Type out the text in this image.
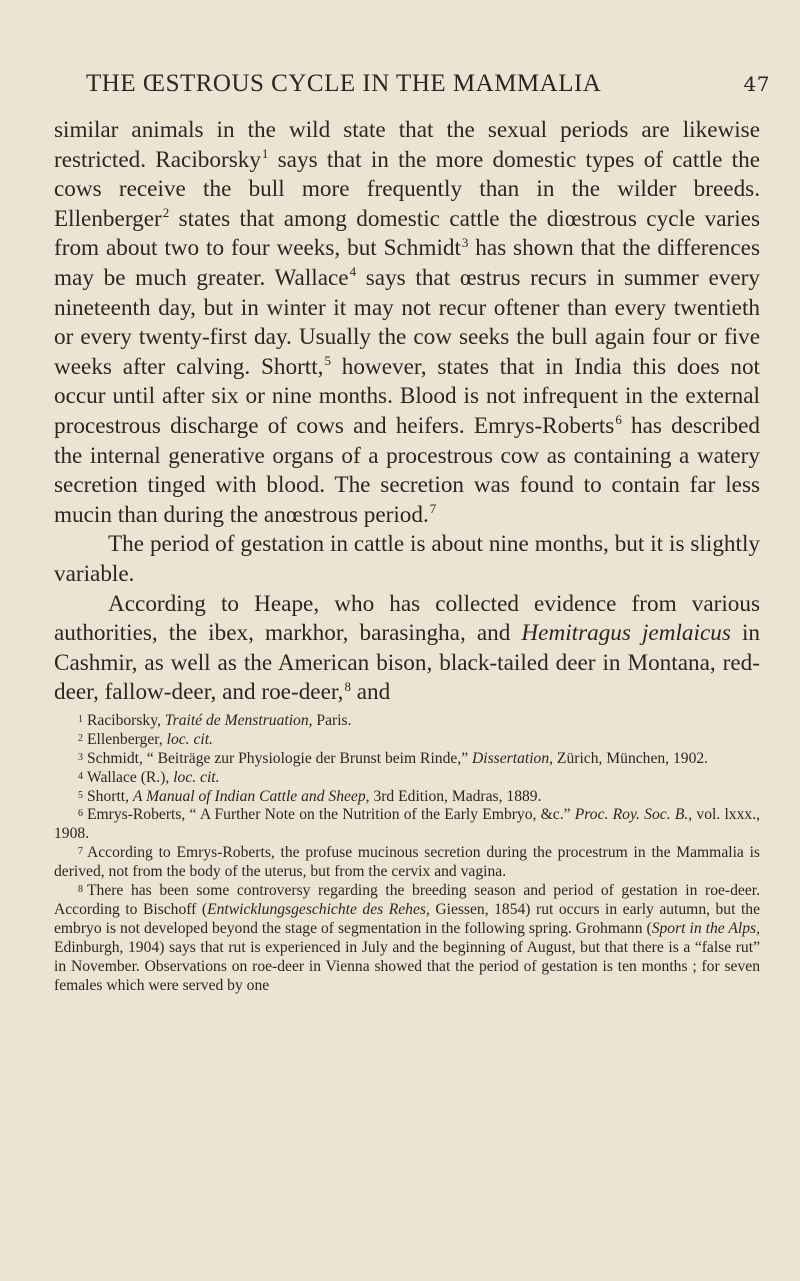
THE ŒSTROUS CYCLE IN THE MAMMALIA	47

similar animals in the wild state that the sexual periods are likewise restricted. Raciborsky$^1$ says that in the more domestic types of cattle the cows receive the bull more frequently than in the wilder breeds. Ellenberger$^2$ states that among domestic cattle the diœstrous cycle varies from about two to four weeks, but Schmidt$^3$ has shown that the differences may be much greater. Wallace$^4$ says that œstrus recurs in summer every nineteenth day, but in winter it may not recur oftener than every twentieth or every twenty-first day. Usually the cow seeks the bull again four or five weeks after calving. Shortt,$^5$ however, states that in India this does not occur until after six or nine months. Blood is not infrequent in the external procestrous discharge of cows and heifers. Emrys-Roberts$^6$ has described the internal generative organs of a procestrous cow as containing a watery secretion tinged with blood. The secretion was found to contain far less mucin than during the anœstrous period.$^7$

The period of gestation in cattle is about nine months, but it is slightly variable.

According to Heape, who has collected evidence from various authorities, the ibex, markhor, barasingha, and Hemitragus jemlaicus in Cashmir, as well as the American bison, black-tailed deer in Montana, red-deer, fallow-deer, and roe-deer,$^8$ and

$^1$ Raciborsky, Traité de Menstruation, Paris.

$^2$ Ellenberger, loc. cit.

$^3$ Schmidt, “ Beiträge zur Physiologie der Brunst beim Rinde,” Dissertation, Zürich, München, 1902.

$^4$ Wallace (R.), loc. cit.

$^5$ Shortt, A Manual of Indian Cattle and Sheep, 3rd Edition, Madras, 1889.

$^6$ Emrys-Roberts, “ A Further Note on the Nutrition of the Early Embryo, &c.” Proc. Roy. Soc. B., vol. lxxx., 1908.

$^7$ According to Emrys-Roberts, the profuse mucinous secretion during the procestrum in the Mammalia is derived, not from the body of the uterus, but from the cervix and vagina.

$^8$ There has been some controversy regarding the breeding season and period of gestation in roe-deer. According to Bischoff (Entwicklungsgeschichte des Rehes, Giessen, 1854) rut occurs in early autumn, but the embryo is not developed beyond the stage of segmentation in the following spring. Grohmann (Sport in the Alps, Edinburgh, 1904) says that rut is experienced in July and the beginning of August, but that there is a “false rut” in November. Observations on roe-deer in Vienna showed that the period of gestation is ten months ; for seven females which were served by one
